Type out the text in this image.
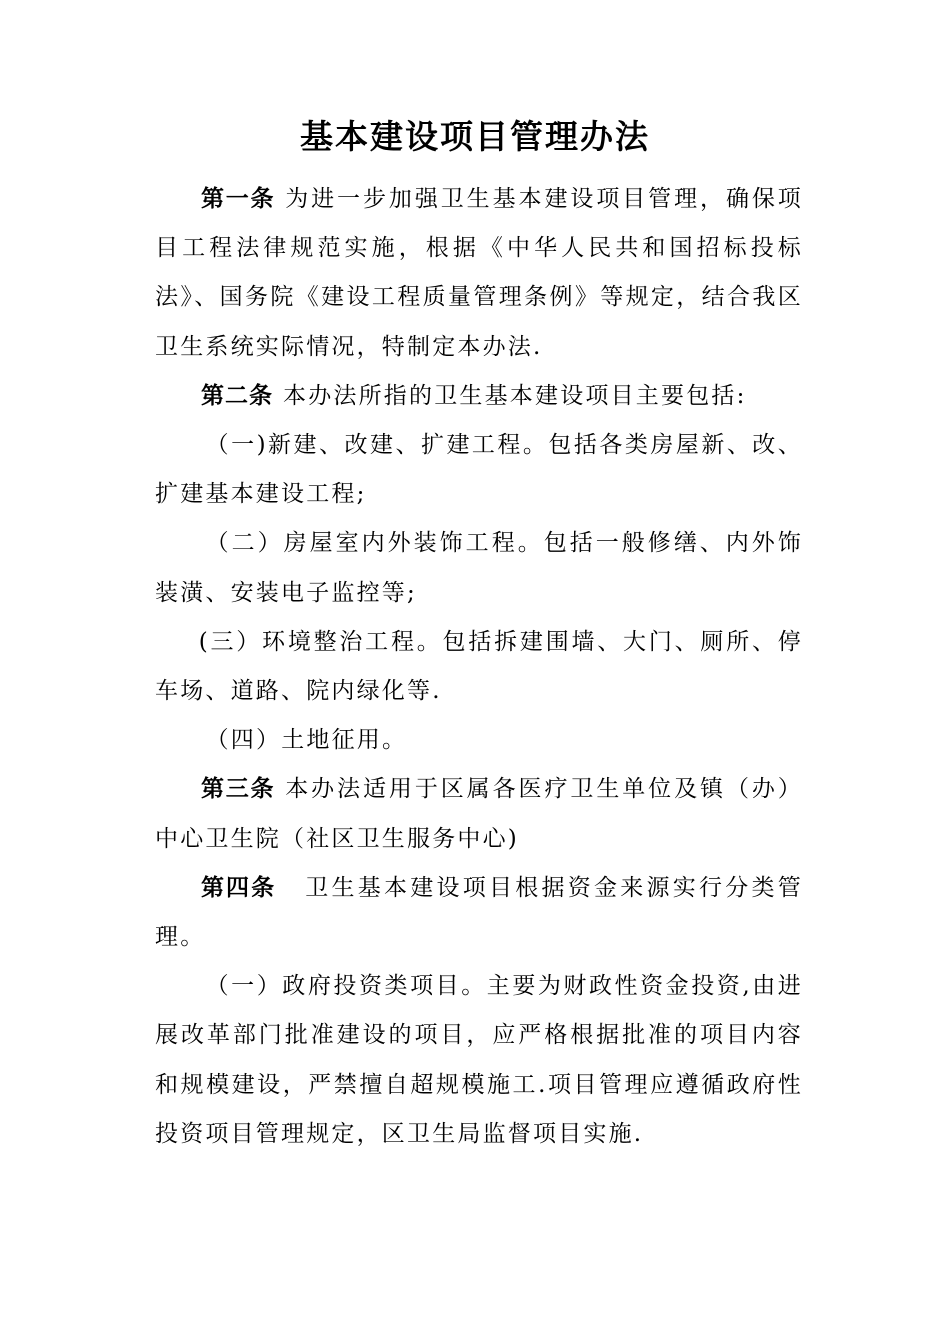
基本建设项目管理办法

第一条 为进一步加强卫生基本建设项目管理，确保项目工程法律规范实施，根据《中华人民共和国招标投标法》、国务院《建设工程质量管理条例》等规定，结合我区卫生系统实际情况，特制定本办法.

第二条 本办法所指的卫生基本建设项目主要包括:

（一)新建、改建、扩建工程。包括各类房屋新、改、扩建基本建设工程;

（二）房屋室内外装饰工程。包括一般修缮、内外饰装潢、安装电子监控等;

(三）环境整治工程。包括拆建围墙、大门、厕所、停车场、道路、院内绿化等.

（四）土地征用。

第三条 本办法适用于区属各医疗卫生单位及镇（办）中心卫生院（社区卫生服务中心)

第四条 卫生基本建设项目根据资金来源实行分类管理。

（一）政府投资类项目。主要为财政性资金投资,由进展改革部门批准建设的项目，应严格根据批准的项目内容和规模建设，严禁擅自超规模施工.项目管理应遵循政府性投资项目管理规定，区卫生局监督项目实施.
